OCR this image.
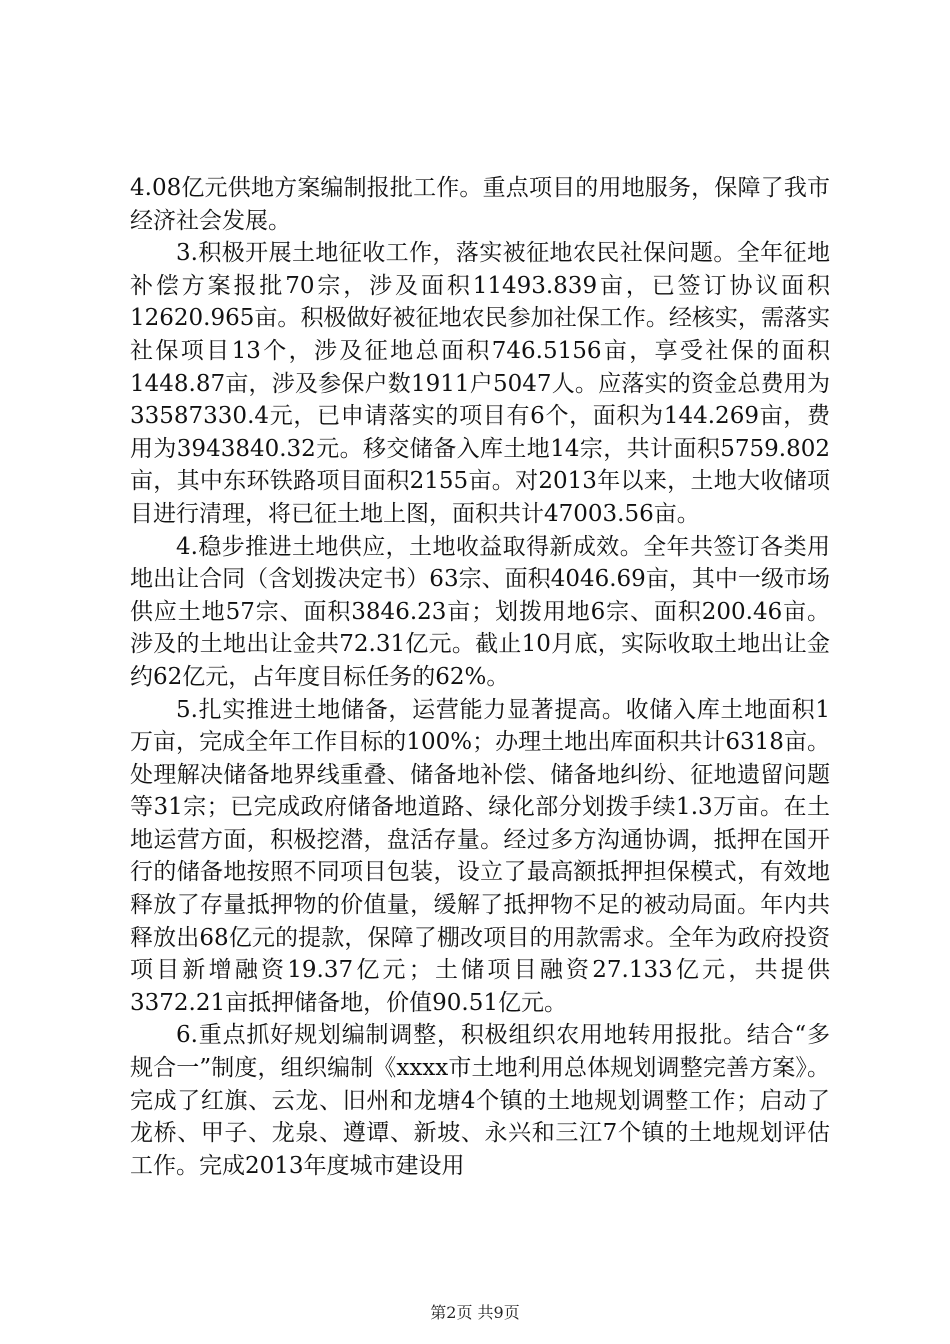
4.08亿元供地方案编制报批工作。重点项目的用地服务，保障了我市经济社会发展。

3.积极开展土地征收工作，落实被征地农民社保问题。全年征地补偿方案报批70宗，涉及面积11493.839亩，已签订协议面积12620.965亩。积极做好被征地农民参加社保工作。经核实，需落实社保项目13个，涉及征地总面积746.5156亩，享受社保的面积1448.87亩，涉及参保户数1911户5047人。应落实的资金总费用为33587330.4元，已申请落实的项目有6个，面积为144.269亩，费用为3943840.32元。移交储备入库土地14宗，共计面积5759.802亩，其中东环铁路项目面积2155亩。对2013年以来，土地大收储项目进行清理，将已征土地上图，面积共计47003.56亩。

4.稳步推进土地供应，土地收益取得新成效。全年共签订各类用地出让合同（含划拨决定书）63宗、面积4046.69亩，其中一级市场供应土地57宗、面积3846.23亩；划拨用地6宗、面积200.46亩。涉及的土地出让金共72.31亿元。截止10月底，实际收取土地出让金约62亿元，占年度目标任务的62%。

5.扎实推进土地储备，运营能力显著提高。收储入库土地面积1万亩，完成全年工作目标的100%；办理土地出库面积共计6318亩。处理解决储备地界线重叠、储备地补偿、储备地纠纷、征地遗留问题等31宗；已完成政府储备地道路、绿化部分划拨手续1.3万亩。在土地运营方面，积极挖潜，盘活存量。经过多方沟通协调，抵押在国开行的储备地按照不同项目包装，设立了最高额抵押担保模式，有效地释放了存量抵押物的价值量，缓解了抵押物不足的被动局面。年内共释放出68亿元的提款，保障了棚改项目的用款需求。全年为政府投资项目新增融资19.37亿元；土储项目融资27.133亿元，共提供3372.21亩抵押储备地，价值90.51亿元。

6.重点抓好规划编制调整，积极组织农用地转用报批。结合“多规合一”制度，组织编制《xxxx市土地利用总体规划调整完善方案》。完成了红旗、云龙、旧州和龙塘4个镇的土地规划调整工作；启动了龙桥、甲子、龙泉、遵谭、新坡、永兴和三江7个镇的土地规划评估工作。完成2013年度城市建设用

第2页 共9页
